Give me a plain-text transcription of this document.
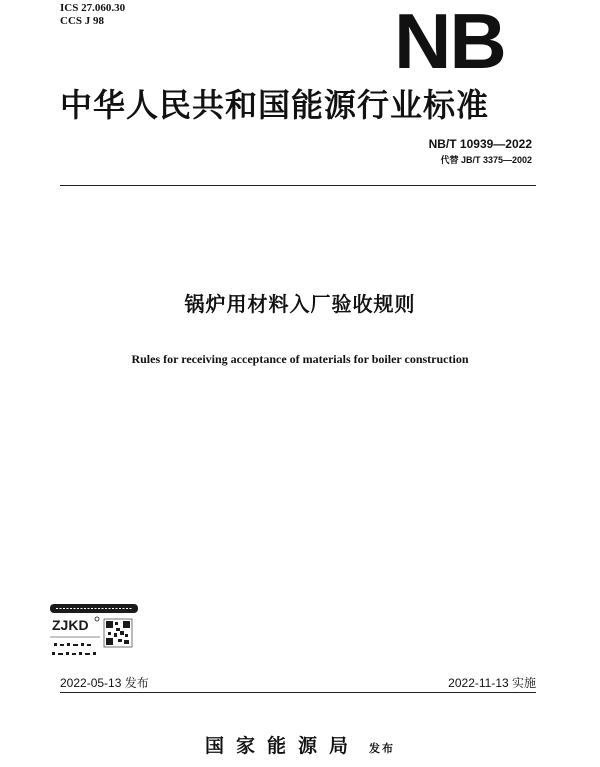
ICS 27.060.30
CCS J 98	NB
中华人民共和国能源行业标准
NB/T 10939—2022
代替 JB/T 3375—2002
锅炉用材料入厂验收规则
Rules for receiving acceptance of materials for boiler construction
ZJKD
2022-05-13 发布	2022-11-13 实施
国家能源局 发布
